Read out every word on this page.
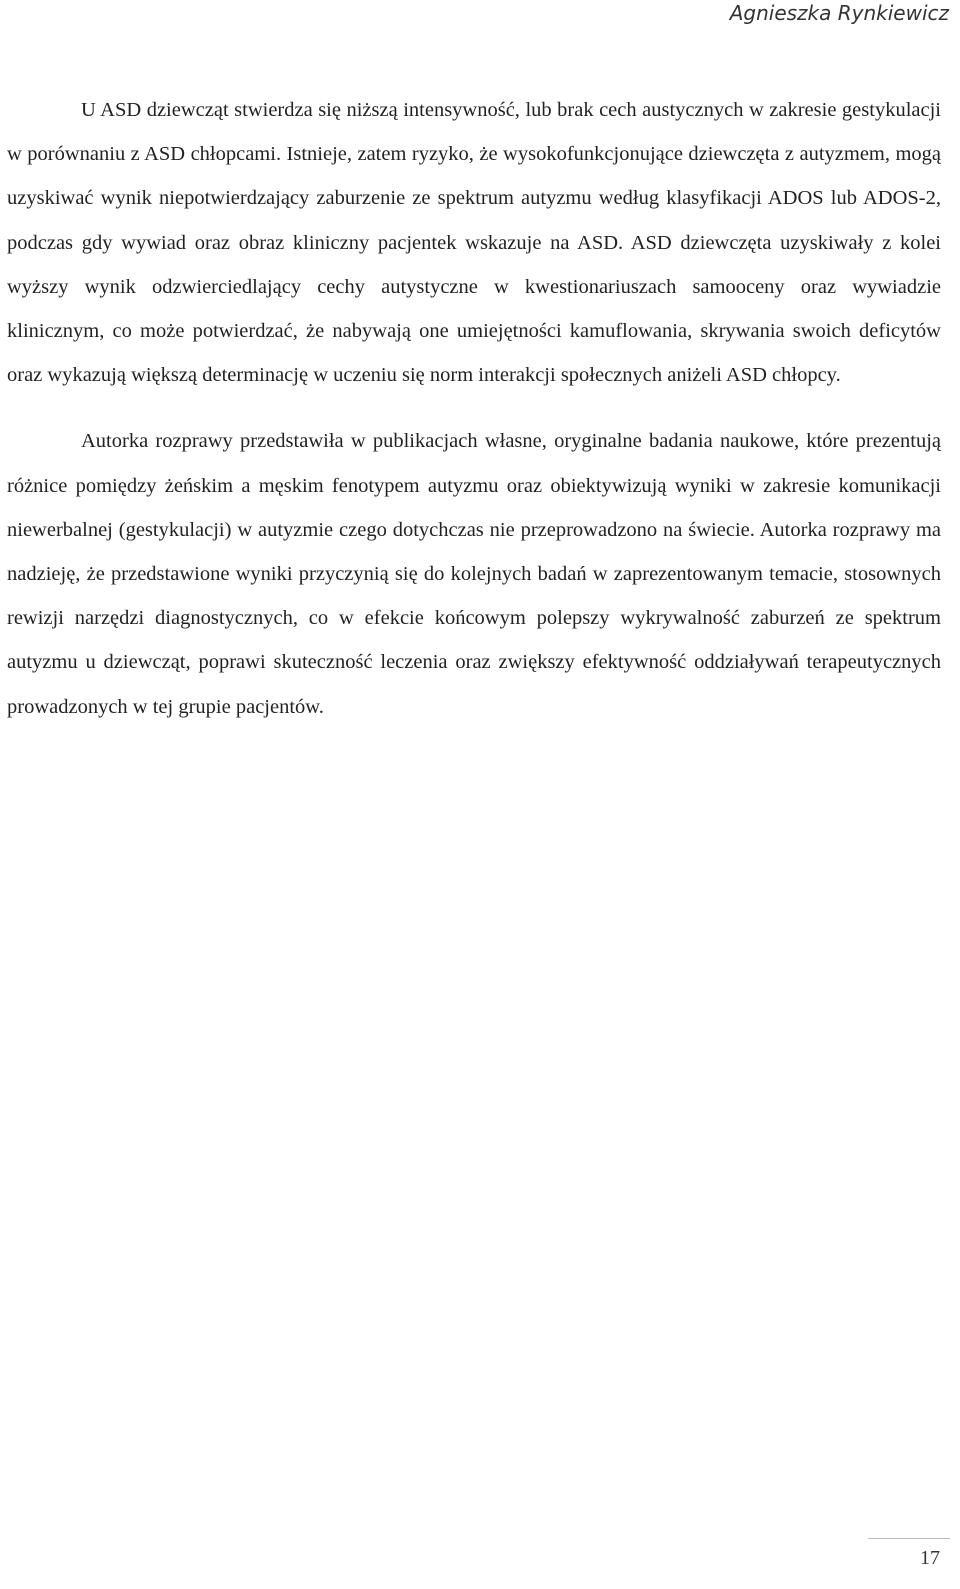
Agnieszka Rynkiewicz

U ASD dziewcząt stwierdza się niższą intensywność, lub brak cech austycznych w zakresie gestykulacji w porównaniu z ASD chłopcami. Istnieje, zatem ryzyko, że wysokofunkcjonujące dziewczęta z autyzmem, mogą uzyskiwać wynik niepotwierdzający zaburzenie ze spektrum autyzmu według klasyfikacji ADOS lub ADOS-2, podczas gdy wywiad oraz obraz kliniczny pacjentek wskazuje na ASD. ASD dziewczęta uzyskiwały z kolei wyższy wynik odzwierciedlający cechy autystyczne w kwestionariuszach samooceny oraz wywiadzie klinicznym, co może potwierdzać, że nabywają one umiejętności kamuflowania, skrywania swoich deficytów oraz wykazują większą determinację w uczeniu się norm interakcji społecznych aniżeli ASD chłopcy.

Autorka rozprawy przedstawiła w publikacjach własne, oryginalne badania naukowe, które prezentują różnice pomiędzy żeńskim a męskim fenotypem autyzmu oraz obiektywizują wyniki w zakresie komunikacji niewerbalnej (gestykulacji) w autyzmie czego dotychczas nie przeprowadzono na świecie. Autorka rozprawy ma nadzieję, że przedstawione wyniki przyczynią się do kolejnych badań w zaprezentowanym temacie, stosownych rewizji narzędzi diagnostycznych, co w efekcie końcowym polepszy wykrywalność zaburzeń ze spektrum autyzmu u dziewcząt, poprawi skuteczność leczenia oraz zwiększy efektywność oddziaływań terapeutycznych prowadzonych w tej grupie pacjentów.

17
